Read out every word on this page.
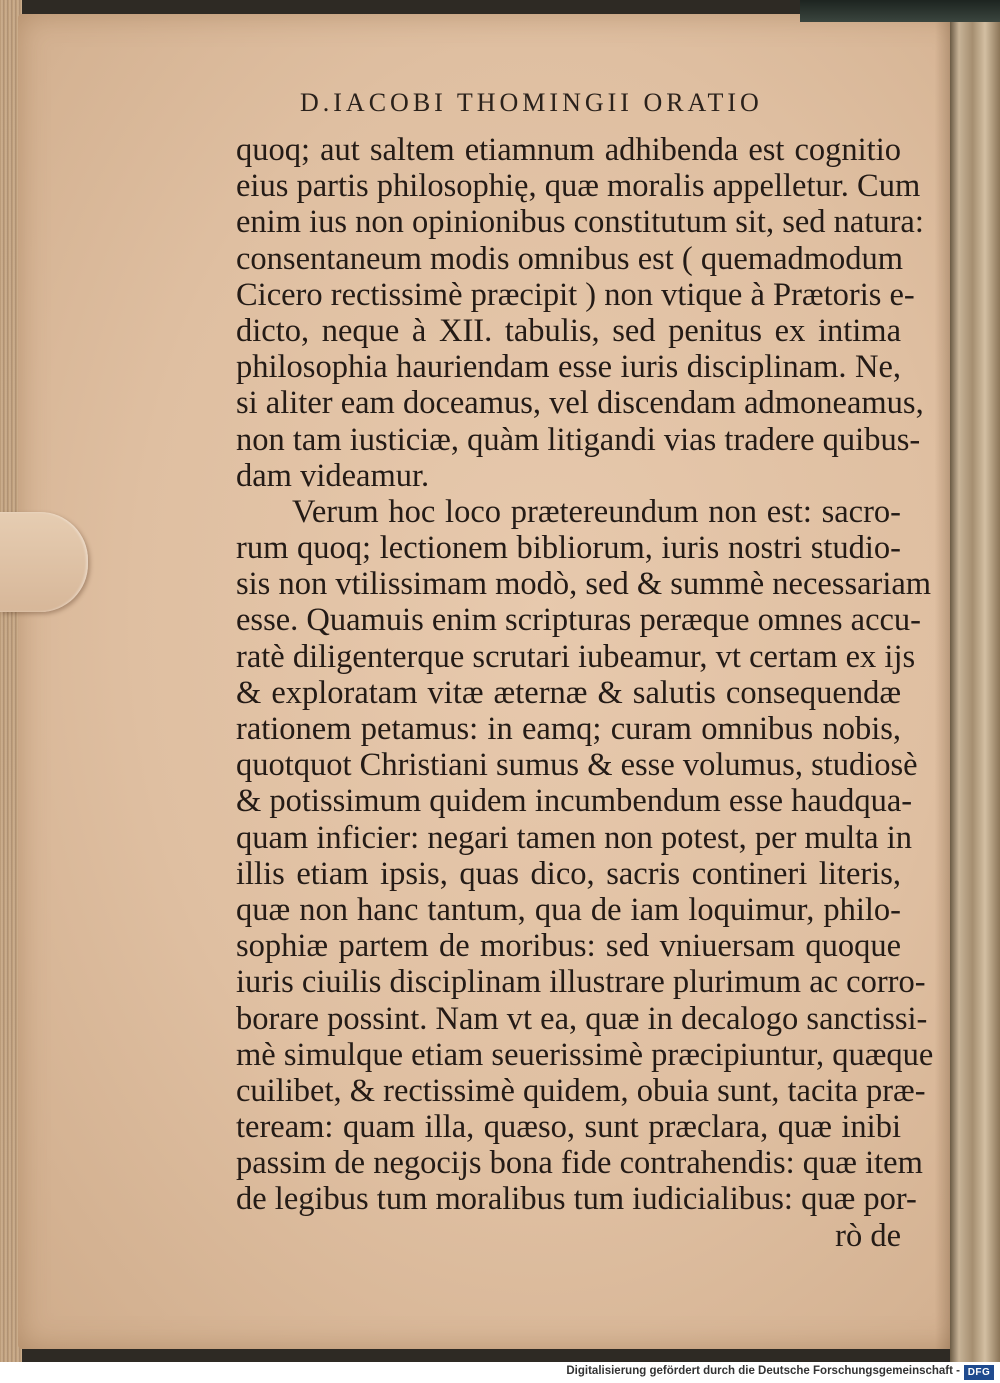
D.IACOBI THOMINGII ORATIO
quoq; aut saltem etiamnum adhibenda est cognitio
eius partis philosophię, quæ moralis appelletur. Cum
enim ius non opinionibus constitutum sit, sed natura:
consentaneum modis omnibus est ( quemadmodum
Cicero rectissimè præcipit ) non vtique à Prætoris e-
dicto, neque à XII. tabulis, sed penitus ex intima
philosophia hauriendam esse iuris disciplinam. Ne,
si aliter eam doceamus, vel discendam admoneamus,
non tam iusticiæ, quàm litigandi vias tradere quibus-
dam videamur.
Verum hoc loco prætereundum non est: sacro-
rum quoq; lectionem bibliorum, iuris nostri studio-
sis non vtilissimam modò, sed & summè necessariam
esse. Quamuis enim scripturas peræque omnes accu-
ratè diligenterque scrutari iubeamur, vt certam ex ijs
& exploratam vitæ æternæ & salutis consequendæ
rationem petamus: in eamq; curam omnibus nobis,
quotquot Christiani sumus & esse volumus, studiosè
& potissimum quidem incumbendum esse haudqua-
quam inficier: negari tamen non potest, per multa in
illis etiam ipsis, quas dico, sacris contineri literis,
quæ non hanc tantum, qua de iam loquimur, philo-
sophiæ partem de moribus: sed vniuersam quoque
iuris ciuilis disciplinam illustrare plurimum ac corro-
borare possint. Nam vt ea, quæ in decalogo sanctissi-
mè simulque etiam seuerissimè præcipiuntur, quæque
cuilibet, & rectissimè quidem, obuia sunt, tacita præ-
teream: quam illa, quæso, sunt præclara, quæ inibi
passim de negocijs bona fide contrahendis: quæ item
de legibus tum moralibus tum iudicialibus: quæ por-
rò de
Digitalisierung gefördert durch die Deutsche Forschungsgemeinschaft - DFG
